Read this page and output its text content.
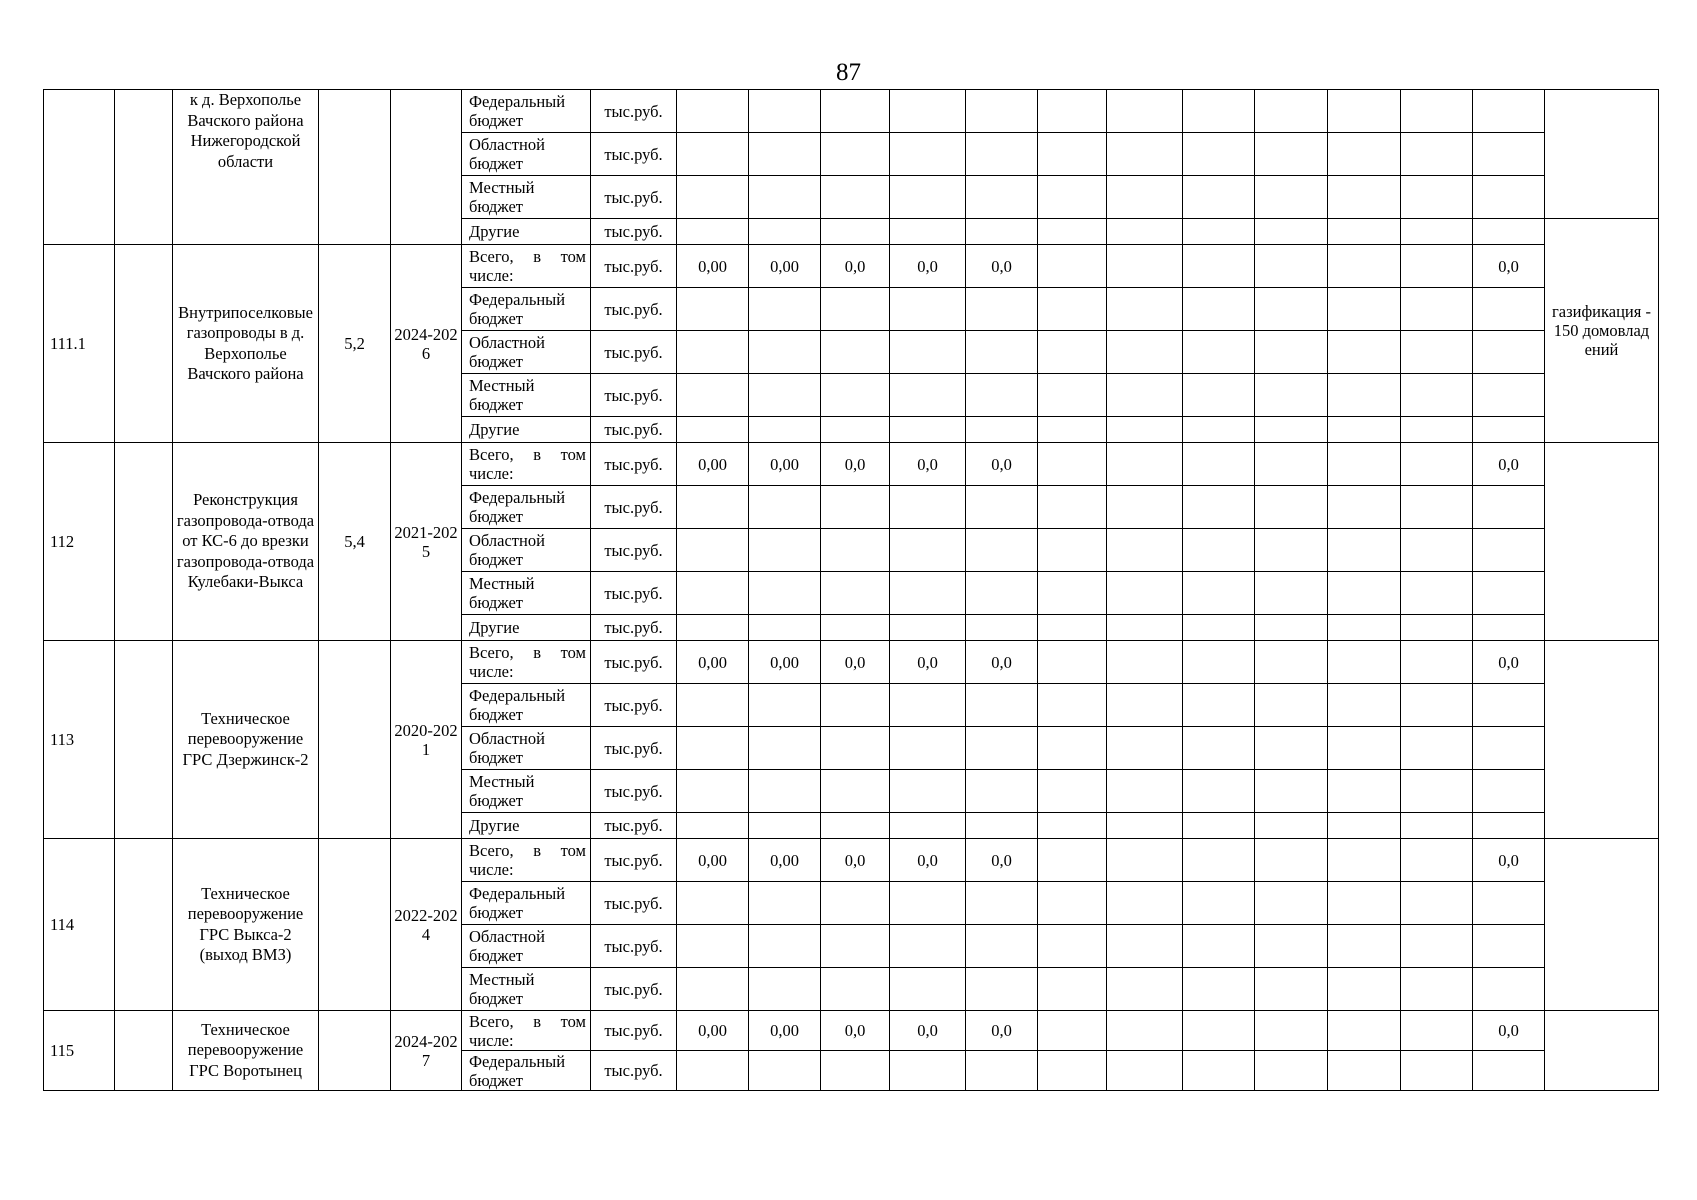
87
		к д. Верхополье Вачского района Нижегородской области			Федеральный бюджет	тыс.руб.													
					Областной бюджет	тыс.руб.													
					Местный бюджет	тыс.руб.													
					Другие	тыс.руб.													газификация - 150 домовладений
111.1		Внутрипоселковые газопроводы в д. Верхополье Вачского района	5,2	2024-2026	Всего, в том числе:	тыс.руб.	0,00	0,00	0,0	0,0	0,0							0,0	
					Федеральный бюджет	тыс.руб.													
					Областной бюджет	тыс.руб.													
					Местный бюджет	тыс.руб.													
					Другие	тыс.руб.													
112		Реконструкция газопровода-отвода от КС-6 до врезки газопровода-отвода Кулебаки-Выкса	5,4	2021-2025	Всего, в том числе:	тыс.руб.	0,00	0,00	0,0	0,0	0,0							0,0	
					Федеральный бюджет	тыс.руб.													
					Областной бюджет	тыс.руб.													
					Местный бюджет	тыс.руб.													
					Другие	тыс.руб.													
113		Техническое перевооружение ГРС Дзержинск-2		2020-2021	Всего, в том числе:	тыс.руб.	0,00	0,00	0,0	0,0	0,0							0,0	
					Федеральный бюджет	тыс.руб.													
					Областной бюджет	тыс.руб.													
					Местный бюджет	тыс.руб.													
					Другие	тыс.руб.													
114		Техническое перевооружение ГРС Выкса-2 (выход ВМЗ)		2022-2024	Всего, в том числе:	тыс.руб.	0,00	0,00	0,0	0,0	0,0							0,0	
					Федеральный бюджет	тыс.руб.													
					Областной бюджет	тыс.руб.													
					Местный бюджет	тыс.руб.													
115		Техническое перевооружение ГРС Воротынец		2024-2027	Всего, в том числе:	тыс.руб.	0,00	0,00	0,0	0,0	0,0							0,0	
					Федеральный бюджет	тыс.руб.													
